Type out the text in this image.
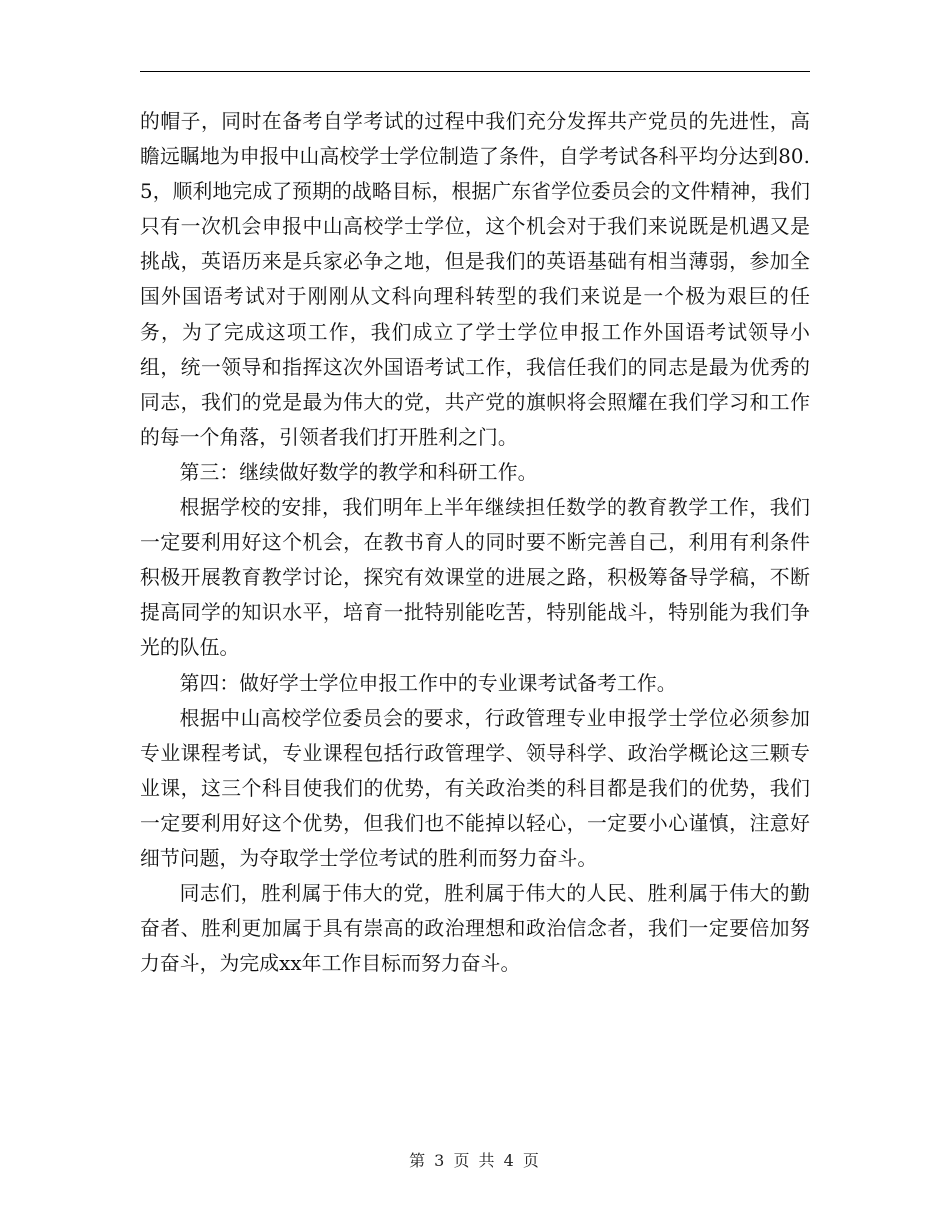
的帽子，同时在备考自学考试的过程中我们充分发挥共产党员的先进性，高瞻远瞩地为申报中山高校学士学位制造了条件，自学考试各科平均分达到80.5，顺利地完成了预期的战略目标，根据广东省学位委员会的文件精神，我们只有一次机会申报中山高校学士学位，这个机会对于我们来说既是机遇又是挑战，英语历来是兵家必争之地，但是我们的英语基础有相当薄弱，参加全国外国语考试对于刚刚从文科向理科转型的我们来说是一个极为艰巨的任务，为了完成这项工作，我们成立了学士学位申报工作外国语考试领导小组，统一领导和指挥这次外国语考试工作，我信任我们的同志是最为优秀的同志，我们的党是最为伟大的党，共产党的旗帜将会照耀在我们学习和工作的每一个角落，引领者我们打开胜利之门。

第三：继续做好数学的教学和科研工作。

根据学校的安排，我们明年上半年继续担任数学的教育教学工作，我们一定要利用好这个机会，在教书育人的同时要不断完善自己，利用有利条件积极开展教育教学讨论，探究有效课堂的进展之路，积极筹备导学稿，不断提高同学的知识水平，培育一批特别能吃苦，特别能战斗，特别能为我们争光的队伍。

第四：做好学士学位申报工作中的专业课考试备考工作。

根据中山高校学位委员会的要求，行政管理专业申报学士学位必须参加专业课程考试，专业课程包括行政管理学、领导科学、政治学概论这三颗专业课，这三个科目使我们的优势，有关政治类的科目都是我们的优势，我们一定要利用好这个优势，但我们也不能掉以轻心，一定要小心谨慎，注意好细节问题，为夺取学士学位考试的胜利而努力奋斗。

同志们，胜利属于伟大的党，胜利属于伟大的人民、胜利属于伟大的勤奋者、胜利更加属于具有崇高的政治理想和政治信念者，我们一定要倍加努力奋斗，为完成xx年工作目标而努力奋斗。

第 3 页 共 4 页
